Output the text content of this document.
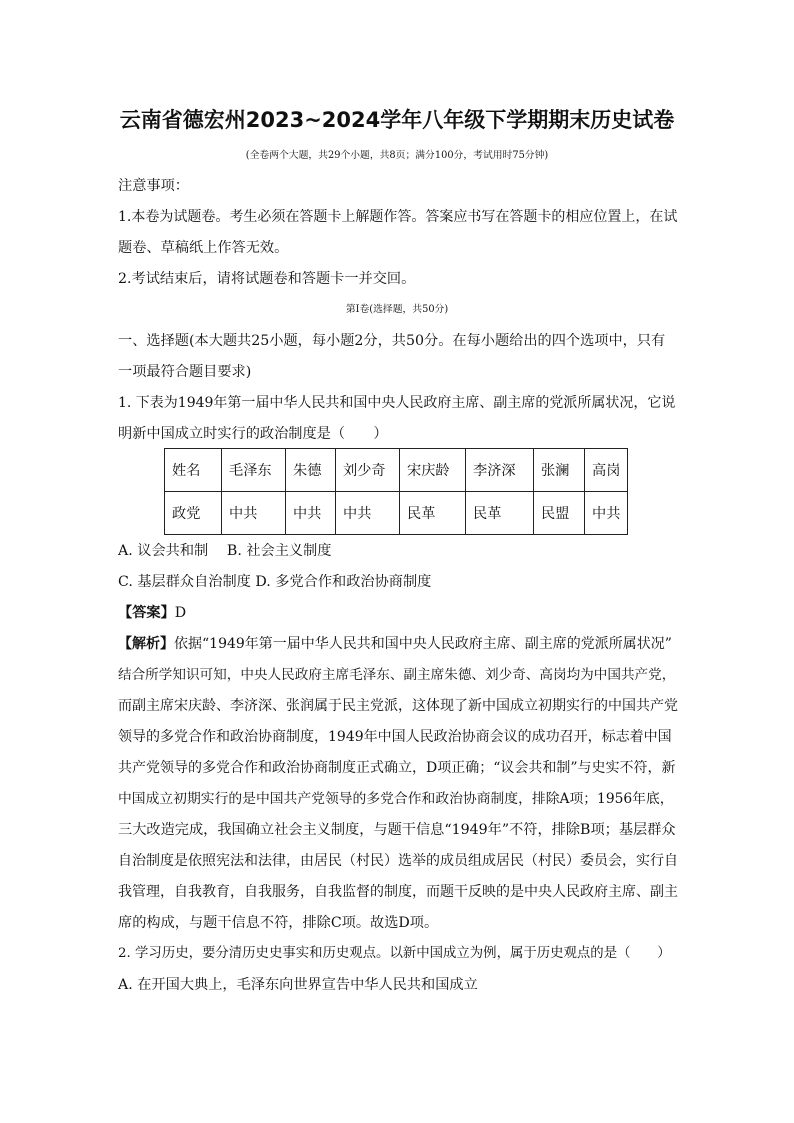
云南省德宏州2023~2024学年八年级下学期期末历史试卷
(全卷两个大题，共29个小题，共8页；满分100分，考试用时75分钟)
注意事项：
1.本卷为试题卷。考生必须在答题卡上解题作答。答案应书写在答题卡的相应位置上，在试
题卷、草稿纸上作答无效。
2.考试结束后，请将试题卷和答题卡一并交回。
第Ⅰ卷(选择题，共50分)
一、选择题(本大题共25小题，每小题2分，共50分。在每小题给出的四个选项中，只有
一项最符合题目要求)
1. 下表为1949年第一届中华人民共和国中央人民政府主席、副主席的党派所属状况，它说
明新中国成立时实行的政治制度是（　　）
姓名	毛泽东	朱德	刘少奇	宋庆龄	李济深	张澜	高岗
政党	中共	中共	中共	民革	民革	民盟	中共
A. 议会共和制　 B. 社会主义制度
C. 基层群众自治制度 D. 多党合作和政治协商制度
【答案】D
【解析】依据“1949年第一届中华人民共和国中央人民政府主席、副主席的党派所属状况”
结合所学知识可知，中央人民政府主席毛泽东、副主席朱德、刘少奇、高岗均为中国共产党，
而副主席宋庆龄、李济深、张润属于民主党派，这体现了新中国成立初期实行的中国共产党
领导的多党合作和政治协商制度，1949年中国人民政治协商会议的成功召开，标志着中国
共产党领导的多党合作和政治协商制度正式确立，D项正确；“议会共和制”与史实不符，新
中国成立初期实行的是中国共产党领导的多党合作和政治协商制度，排除A项；1956年底，
三大改造完成，我国确立社会主义制度，与题干信息“1949年”不符，排除B项；基层群众
自治制度是依照宪法和法律，由居民（村民）选举的成员组成居民（村民）委员会，实行自
我管理，自我教育，自我服务，自我监督的制度，而题干反映的是中央人民政府主席、副主
席的构成，与题干信息不符，排除C项。故选D项。
2. 学习历史，要分清历史史事实和历史观点。以新中国成立为例，属于历史观点的是（　　）
A. 在开国大典上，毛泽东向世界宣告中华人民共和国成立
